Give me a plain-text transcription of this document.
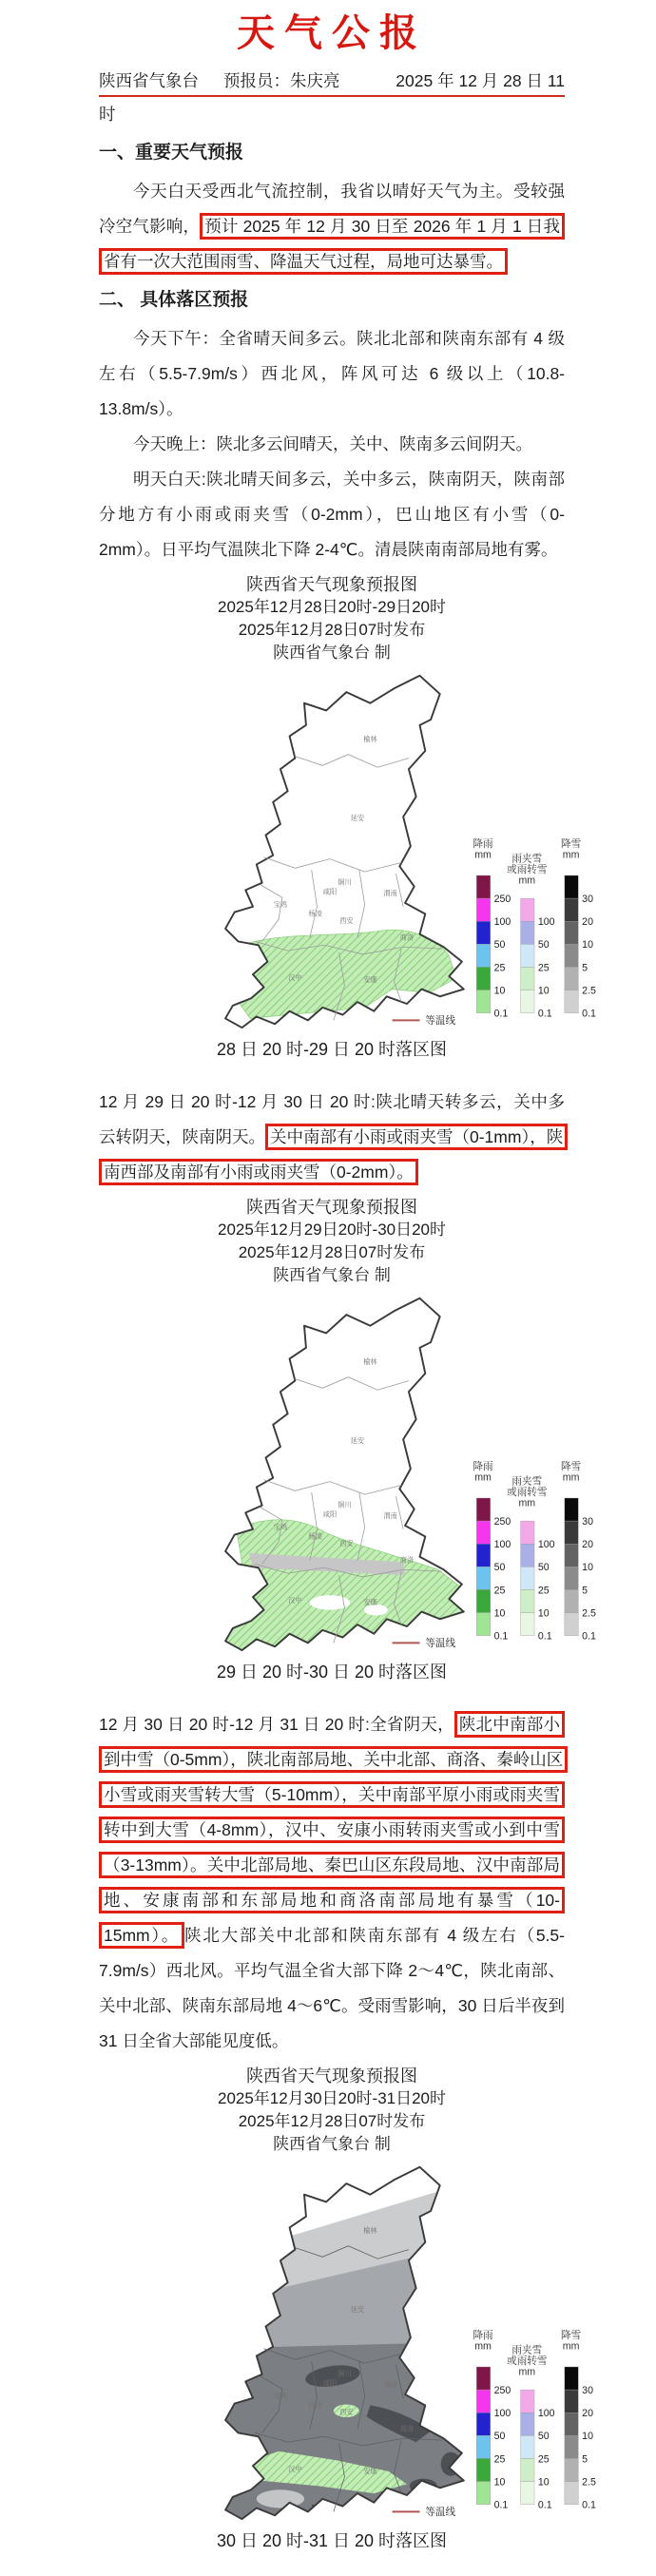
天气公报
陕西省气象台 预报员：朱庆亮	2025 年 12 月 28 日 11

时

一、重要天气预报

今天白天受西北气流控制，我省以晴好天气为主。受较强冷空气影响， 预计 2025 年 12 月 30 日至 2026 年 1 月 1 日我省有一次大范围雨雪、降温天气过程，局地可达暴雪。

二、 具体落区预报

今天下午：全省晴天间多云。陕北北部和陕南东部有 4 级左右（5.5-7.9m/s）西北风，阵风可达 6 级以上（10.8-13.8m/s）。

今天晚上：陕北多云间晴天，关中、陕南多云间阴天。

明天白天:陕北晴天间多云，关中多云，陕南阴天，陕南部分地方有小雨或雨夹雪（0-2mm），巴山地区有小雪（0-2mm）。日平均气温陕北下降 2-4℃。清晨陕南南部局地有雾。

陕西省天气现象预报图

2025年12月28日20时-29日20时

2025年12月28日07时发布

陕西省气象台 制

榆林
延安
铜川
渭南
咸阳
宝鸡
杨凌
西安
商洛
汉中	安康
降雨
mm
250
100
50
25
10
0.1
雨夹雪
或雨转雪
mm
100
50
25
10
0.1
降雪
mm
30
20
10
5
2.5
0.1
等温线

28 日 20 时-29 日 20 时落区图

12 月 29 日 20 时-12 月 30 日 20 时:陕北晴天转多云，关中多云转阴天，陕南阴天。 关中南部有小雨或雨夹雪（0-1mm），陕南西部及南部有小雨或雨夹雪（0-2mm）。

陕西省天气现象预报图

2025年12月29日20时-30日20时

2025年12月28日07时发布

陕西省气象台 制

榆林
延安
铜川
渭南
咸阳
宝鸡
杨凌
西安
商洛
汉中	安康
降雨
mm
250
100
50
25
10
0.1
雨夹雪
或雨转雪
mm
100
50
25
10
0.1
降雪
mm
30
20
10
5
2.5
0.1
等温线

29 日 20 时-30 日 20 时落区图

12 月 30 日 20 时-12 月 31 日 20 时:全省阴天， 陕北中南部小到中雪（0-5mm），陕北南部局地、关中北部、商洛、秦岭山区小雪或雨夹雪转大雪（5-10mm），关中南部平原小雨或雨夹雪转中到大雪（4-8mm），汉中、安康小雨转雨夹雪或小到中雪（3-13mm）。关中北部局地、秦巴山区东段局地、汉中南部局地、安康南部和东部局地和商洛南部局地有暴雪（10-15mm）。 陕北大部关中北部和陕南东部有 4 级左右（5.5-7.9m/s）西北风。平均气温全省大部下降 2～4℃，陕北南部、关中北部、陕南东部局地 4～6℃。受雨雪影响，30 日后半夜到 31 日全省大部能见度低。

陕西省天气现象预报图

2025年12月30日20时-31日20时

2025年12月28日07时发布

陕西省气象台 制

榆林
延安
铜川
渭南
咸阳
宝鸡
杨凌
西安
商洛
汉中	安康
降雨
mm
250
100
50
25
10
0.1
雨夹雪
或雨转雪
mm
100
50
25
10
0.1
降雪
mm
30
20
10
5
2.5
0.1
等温线

30 日 20 时-31 日 20 时落区图
